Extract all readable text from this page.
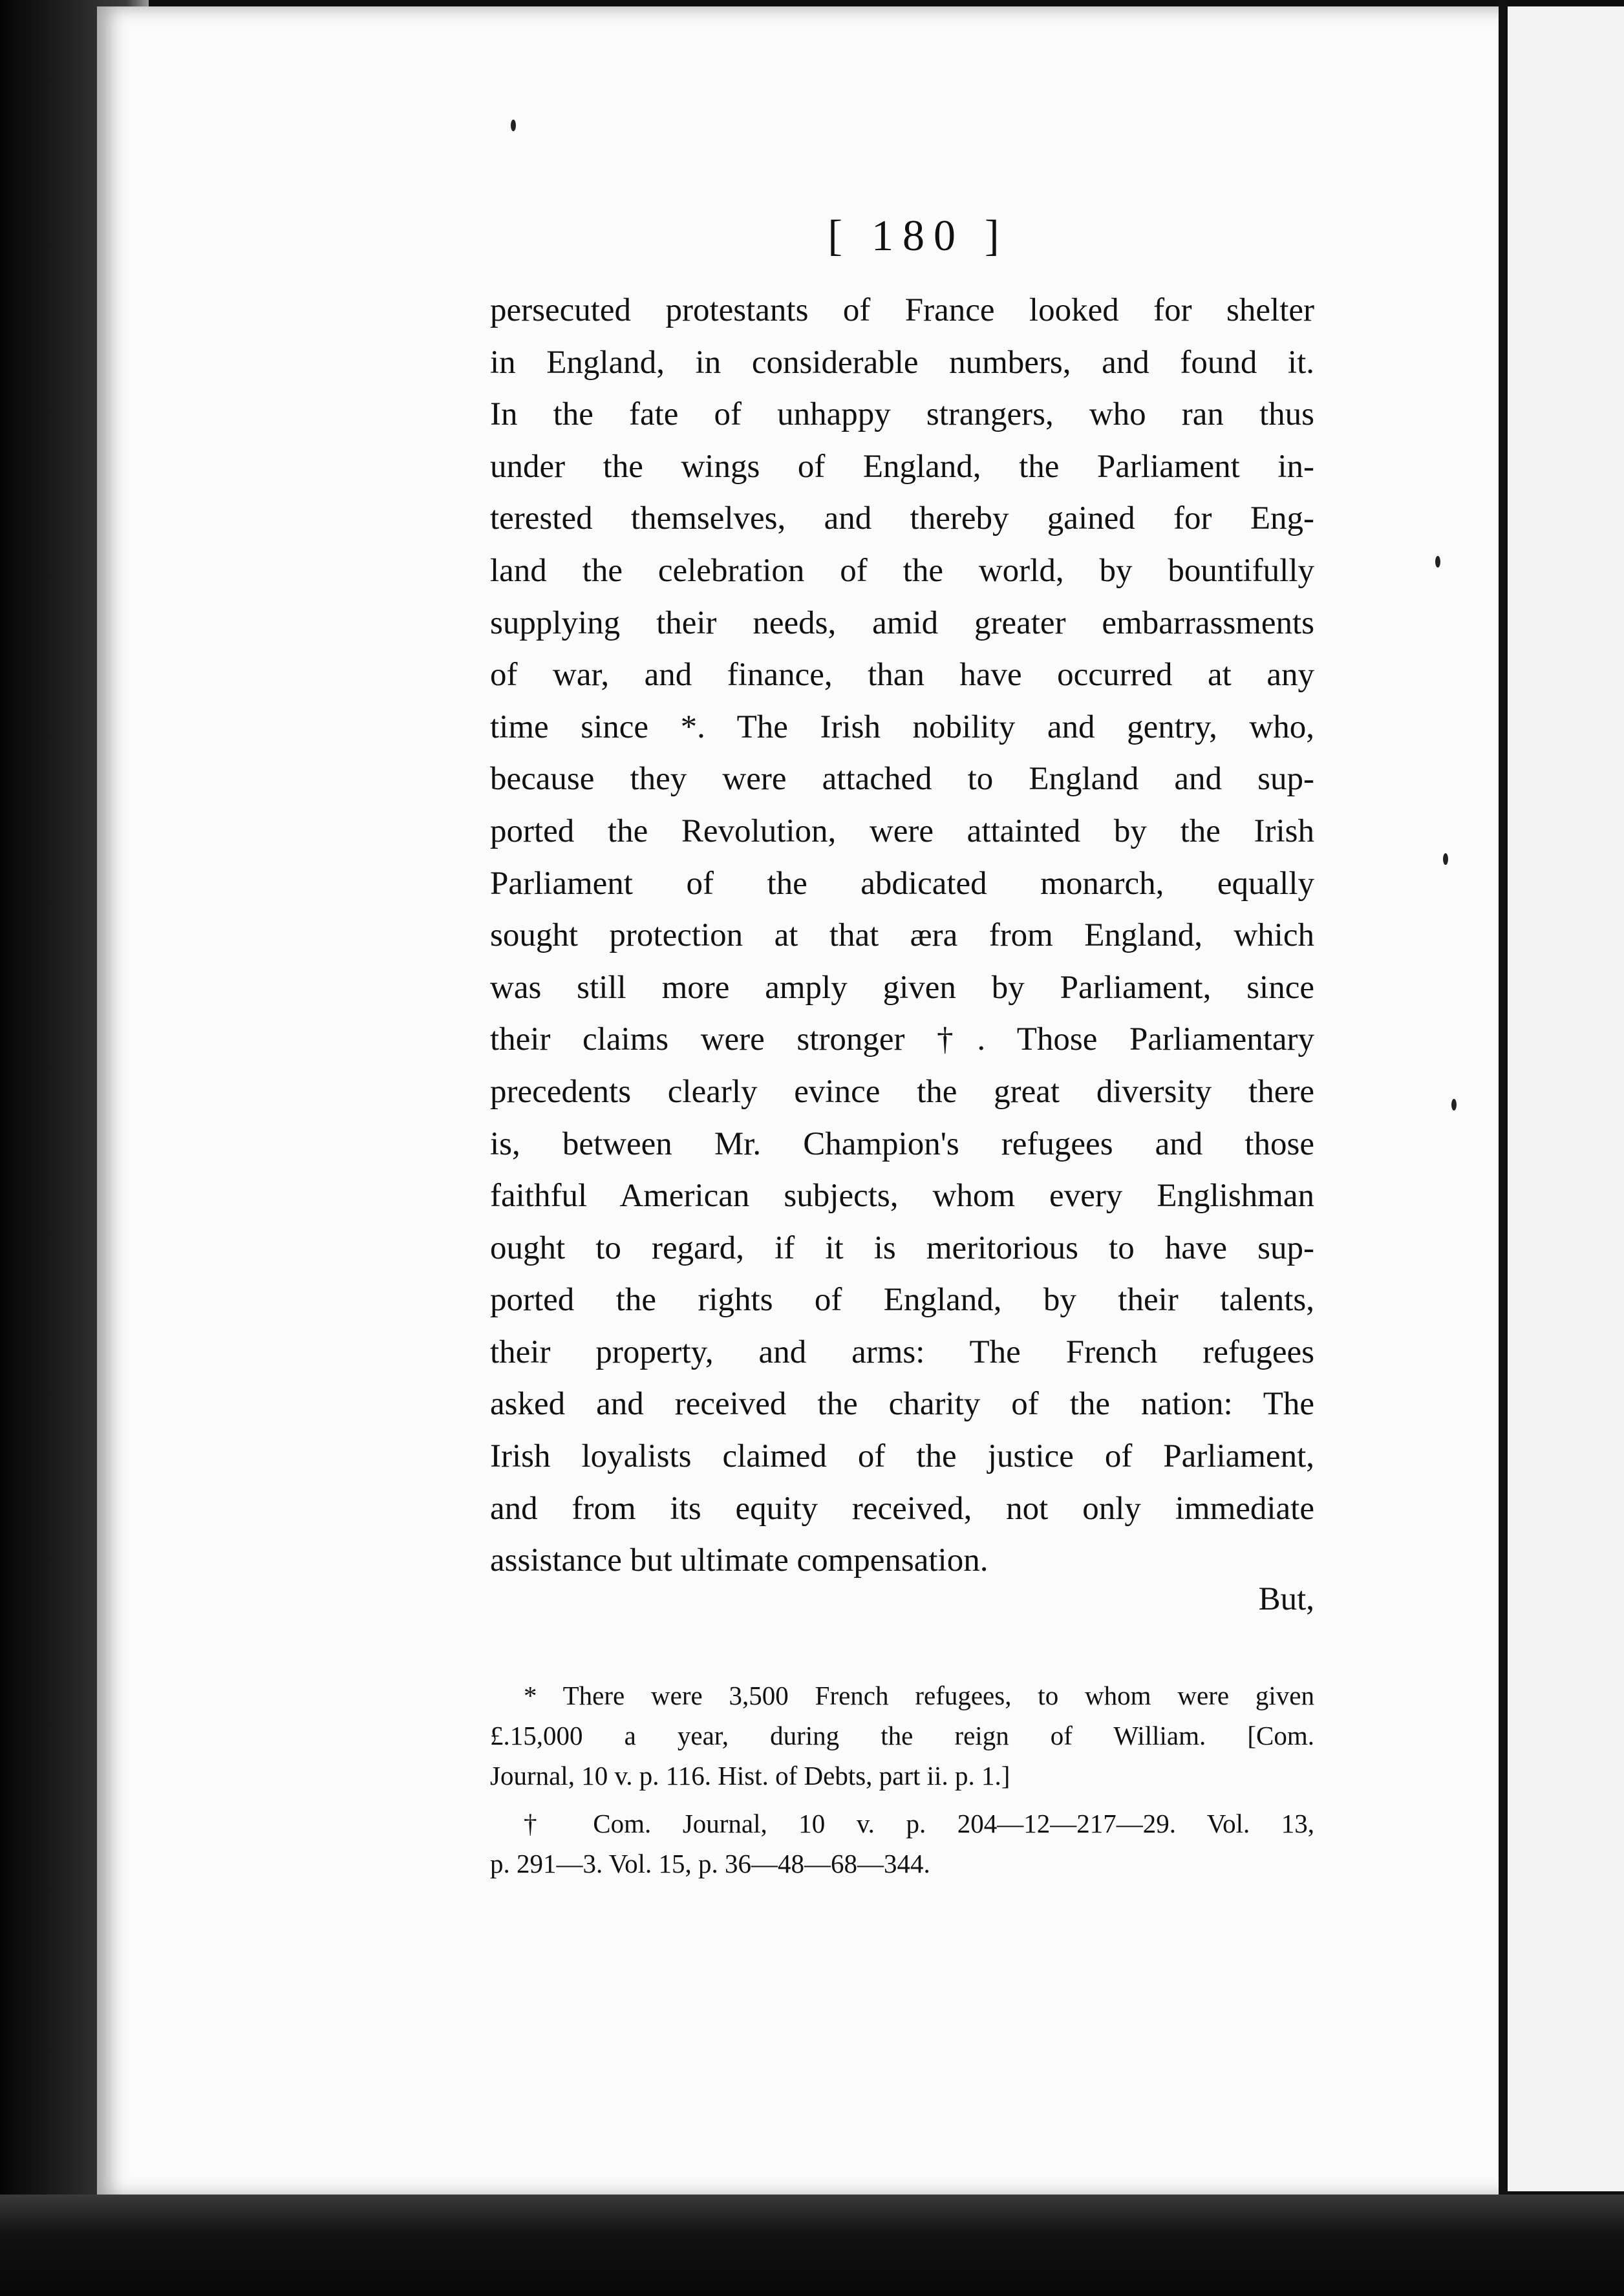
[ 180 ]
persecuted protestants of France looked for shelter
in England, in considerable numbers, and found it.
In the fate of unhappy strangers, who ran thus
under the wings of England, the Parliament in-
terested themselves, and thereby gained for Eng-
land the celebration of the world, by bountifully
supplying their needs, amid greater embarrassments
of war, and finance, than have occurred at any
time since *. The Irish nobility and gentry, who,
because they were attached to England and sup-
ported the Revolution, were attainted by the Irish
Parliament of the abdicated monarch, equally
sought protection at that æra from England, which
was still more amply given by Parliament, since
their claims were stronger †. Those Parliamentary
precedents clearly evince the great diversity there
is, between Mr. Champion's refugees and those
faithful American subjects, whom every Englishman
ought to regard, if it is meritorious to have sup-
ported the rights of England, by their talents,
their property, and arms: The French refugees
asked and received the charity of the nation: The
Irish loyalists claimed of the justice of Parliament,
and from its equity received, not only immediate
assistance but ultimate compensation.
But,
* There were 3,500 French refugees, to whom were given
£.15,000 a year, during the reign of William. [Com.
Journal, 10 v. p. 116. Hist. of Debts, part ii. p. 1.]
† Com. Journal, 10 v. p. 204—12—217—29. Vol. 13,
p. 291—3. Vol. 15, p. 36—48—68—344.
